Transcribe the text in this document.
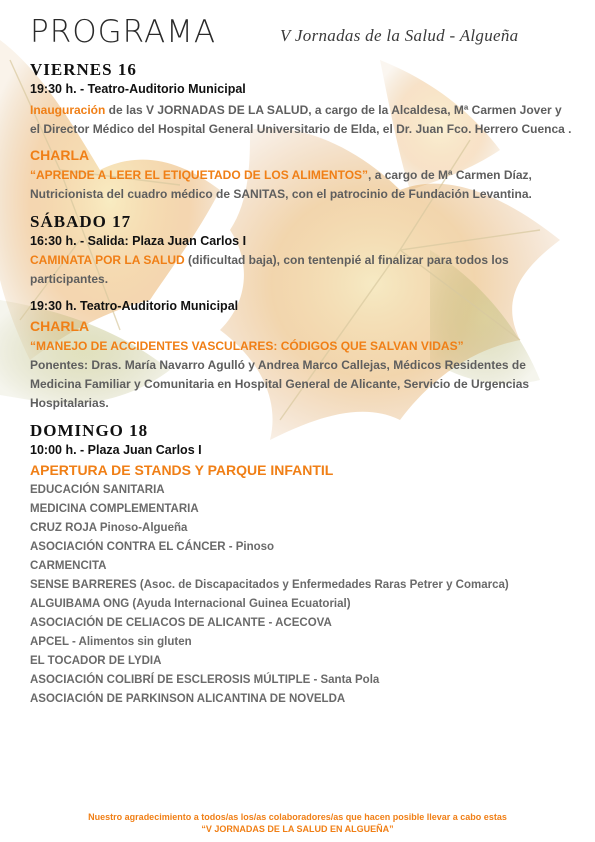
PROGRAMA	V Jornadas de la Salud - Algueña
VIERNES 16
19:30 h. - Teatro-Auditorio Municipal
Inauguración de las V JORNADAS DE LA SALUD, a cargo de la Alcaldesa, Mª Carmen Jover y el Director Médico del Hospital General Universitario de Elda, el Dr. Juan Fco. Herrero Cuenca .
CHARLA
“APRENDE A LEER EL ETIQUETADO DE LOS ALIMENTOS”, a cargo de Mª Carmen Díaz, Nutricionista del cuadro médico de SANITAS, con el patrocinio de Fundación Levantina.
SÁBADO 17
16:30 h. - Salida: Plaza Juan Carlos I
CAMINATA POR LA SALUD (dificultad baja), con tentenpié al finalizar para todos los participantes.
19:30 h. Teatro-Auditorio Municipal
CHARLA
“MANEJO DE ACCIDENTES VASCULARES: CÓDIGOS QUE SALVAN VIDAS”
Ponentes: Dras. María Navarro Agulló y Andrea Marco Callejas, Médicos Residentes de Medicina Familiar y Comunitaria en Hospital General de Alicante, Servicio de Urgencias Hospitalarias.
DOMINGO 18
10:00 h. - Plaza Juan Carlos I
APERTURA DE STANDS Y PARQUE INFANTIL
EDUCACIÓN SANITARIA
MEDICINA COMPLEMENTARIA
CRUZ ROJA Pinoso-Algueña
ASOCIACIÓN CONTRA EL CÁNCER - Pinoso
CARMENCITA
SENSE BARRERES (Asoc. de Discapacitados y Enfermedades Raras Petrer y Comarca)
ALGUIBAMA ONG (Ayuda Internacional Guinea Ecuatorial)
ASOCIACIÓN DE CELIACOS DE ALICANTE - ACECOVA
APCEL - Alimentos sin gluten
EL TOCADOR DE LYDIA
ASOCIACIÓN COLIBRÍ DE ESCLEROSIS MÚLTIPLE - Santa Pola
ASOCIACIÓN DE PARKINSON ALICANTINA DE NOVELDA
Nuestro agradecimiento a todos/as los/as colaboradores/as que hacen posible llevar a cabo estas
“V JORNADAS DE LA SALUD EN ALGUEÑA”
